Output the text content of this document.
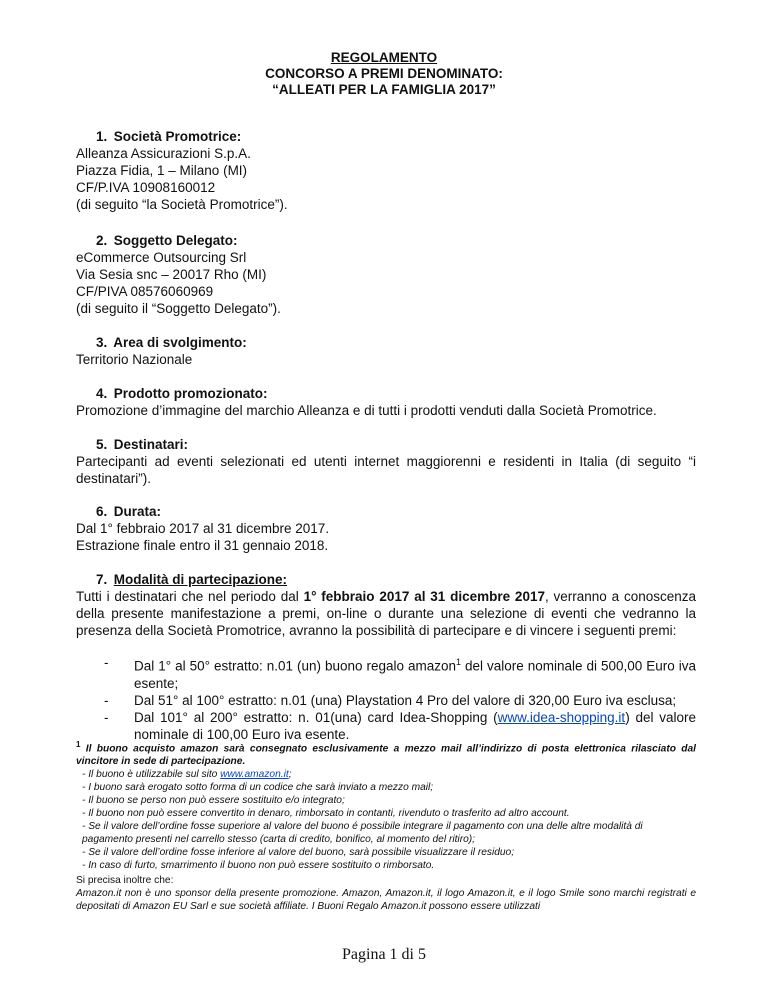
REGOLAMENTO
CONCORSO A PREMI DENOMINATO:
“ALLEATI PER LA FAMIGLIA 2017”
1. Società Promotrice:

Alleanza Assicurazioni S.p.A.

Piazza Fidia, 1 – Milano (MI)

CF/P.IVA 10908160012

(di seguito “la Società Promotrice”).

2. Soggetto Delegato:

eCommerce Outsourcing Srl

Via Sesia snc – 20017 Rho (MI)

CF/PIVA 08576060969

(di seguito il “Soggetto Delegato”).

3. Area di svolgimento:

Territorio Nazionale

4. Prodotto promozionato:

Promozione d’immagine del marchio Alleanza e di tutti i prodotti venduti dalla Società Promotrice.

5. Destinatari:

Partecipanti ad eventi selezionati ed utenti internet maggiorenni e residenti in Italia (di seguito “i destinatari”).

6. Durata:

Dal 1° febbraio 2017 al 31 dicembre 2017.

Estrazione finale entro il 31 gennaio 2018.

7. Modalità di partecipazione:

Tutti i destinatari che nel periodo dal 1° febbraio 2017 al 31 dicembre 2017, verranno a conoscenza della presente manifestazione a premi, on-line o durante una selezione di eventi che vedranno la presenza della Società Promotrice, avranno la possibilità di partecipare e di vincere i seguenti premi:

- Dal 1° al 50° estratto: n.01 (un) buono regalo amazon$^1$ del valore nominale di 500,00 Euro iva esente;
- Dal 51° al 100° estratto: n.01 (una) Playstation 4 Pro del valore di 320,00 Euro iva esclusa;
- Dal 101° al 200° estratto: n. 01(una) card Idea-Shopping (www.idea-shopping.it) del valore nominale di 100,00 Euro iva esente.
$^1$ Il buono acquisto amazon sarà consegnato esclusivamente a mezzo mail all’indirizzo di posta elettronica rilasciato dal vincitore in sede di partecipazione.
- Il buono è utilizzabile sul sito www.amazon.it;
- I buono sarà erogato sotto forma di un codice che sarà inviato a mezzo mail;
- Il buono se perso non può essere sostituito e/o integrato;
- Il buono non può essere convertito in denaro, rimborsato in contanti, rivenduto o trasferito ad altro account.
- Se il valore dell’ordine fosse superiore al valore del buono é possibile integrare il pagamento con una delle altre modalità di pagamento presenti nel carrello stesso (carta di credito, bonifico, al momento del ritiro);
- Se il valore dell’ordine fosse inferiore al valore del buono, sarà possibile visualizzare il residuo;
- In caso di furto, smarrimento il buono non può essere sostituito o rimborsato.
Si precisa inoltre che:
Amazon.it non è uno sponsor della presente promozione. Amazon, Amazon.it, il logo Amazon.it, e il logo Smile sono marchi registrati e depositati di Amazon EU Sarl e sue società affiliate. I Buoni Regalo Amazon.it possono essere utilizzati
Pagina 1 di 5
